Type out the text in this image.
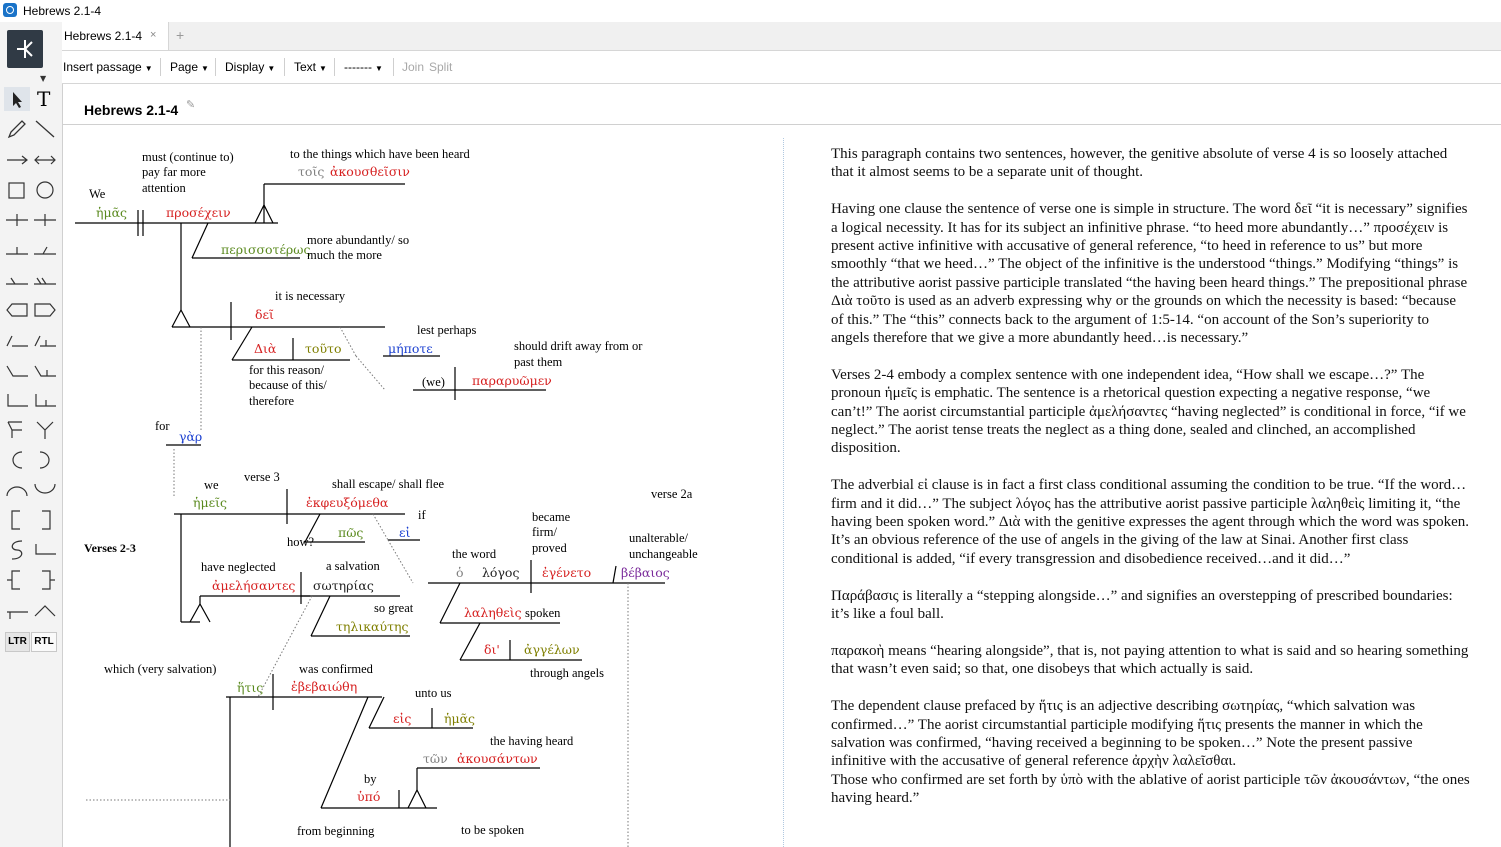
Hebrews 2.1-4
▼
T
LTR RTL
Hebrews 2.1-4 × +
Insert passage ▼ Page ▼ Display ▼ Text ▼ ------- ▼ Join Split
Hebrews 2.1-4 ✎
We
ἡμᾶς
must (continue to)
pay far more
attention
προσέχειν
to the things which have been heard
τοῖς ἀκουσθεῖσιν
περισσοτέρως
more abundantly/ so
much the more
it is necessary
δεῖ
Διὰ τοῦτο
for this reason/
because of this/
therefore
lest perhaps
μήποτε
(we) παραρυῶμεν
should drift away from or
past them
for
γὰρ
Verses 2-3
verse 3
verse 2a
we
ἡμεῖς
shall escape/ shall flee
ἐκφευξόμεθα
πῶς
how?
if
εἰ
the word
ὁ λόγος
became
firm/
proved
ἐγένετο
unalterable/
unchangeable
βέβαιος
λαληθεὶς spoken
δι' ἀγγέλων
through angels
have neglected
ἀμελήσαντες
a salvation
σωτηρίας
so great
τηλικαύτης
which (very salvation)
ἥτις
was confirmed
ἐβεβαιώθη	unto us
εἰς	ἡμᾶς
by
ὑπό
the having heard
τῶν ἀκουσάντων
from beginning	to be spoken

This paragraph contains two sentences, however, the genitive absolute of verse 4 is so loosely attached that it almost seems to be a separate unit of thought.

Having one clause the sentence of verse one is simple in structure. The word δεῖ “it is necessary” signifies a logical necessity. It has for its subject an infinitive phrase. “to heed more abundantly…” προσέχειν is present active infinitive with accusative of general reference, “to heed in reference to us” but more smoothly “that we heed…” The object of the infinitive is the understood “things.” Modifying “things” is the attributive aorist passive participle translated “the having been heard things.” The prepositional phrase Διὰ τοῦτο is used as an adverb expressing why or the grounds on which the necessity is based: “because of this.” The “this” connects back to the argument of 1:5-14. “on account of the Son’s superiority to angels therefore that we give a more abundantly heed…is necessary.”

Verses 2-4 embody a complex sentence with one independent idea, “How shall we escape…?” The pronoun ἡμεῖς is emphatic. The sentence is a rhetorical question expecting a negative response, “we can’t!” The aorist circumstantial participle ἀμελήσαντες “having neglected” is conditional in force, “if we neglect.” The aorist tense treats the neglect as a thing done, sealed and clinched, an accomplished disposition.

The adverbial εἰ clause is in fact a first class conditional assuming the condition to be true. “If the word… firm and it did…” The subject λόγος has the attributive aorist passive participle λαληθεὶς limiting it, “the having been spoken word.” Διὰ with the genitive expresses the agent through which the word was spoken. It’s an obvious reference of the use of angels in the giving of the law at Sinai. Another first class conditional is added, “if every transgression and disobedience received…and it did…”

Παράβασις is literally a “stepping alongside…” and signifies an overstepping of prescribed boundaries: it’s like a foul ball.

παρακοὴ means “hearing alongside”, that is, not paying attention to what is said and so hearing something that wasn’t even said; so that, one disobeys that which actually is said.

The dependent clause prefaced by ἥτις is an adjective describing σωτηρίας, “which salvation was confirmed…” The aorist circumstantial participle modifying ἥτις presents the manner in which the salvation was confirmed, “having received a beginning to be spoken…” Note the present passive infinitive with the accusative of general reference ἀρχὴν λαλεῖσθαι.

Those who confirmed are set forth by ὑπὸ with the ablative of aorist participle τῶν ἀκουσάντων, “the ones having heard.”
